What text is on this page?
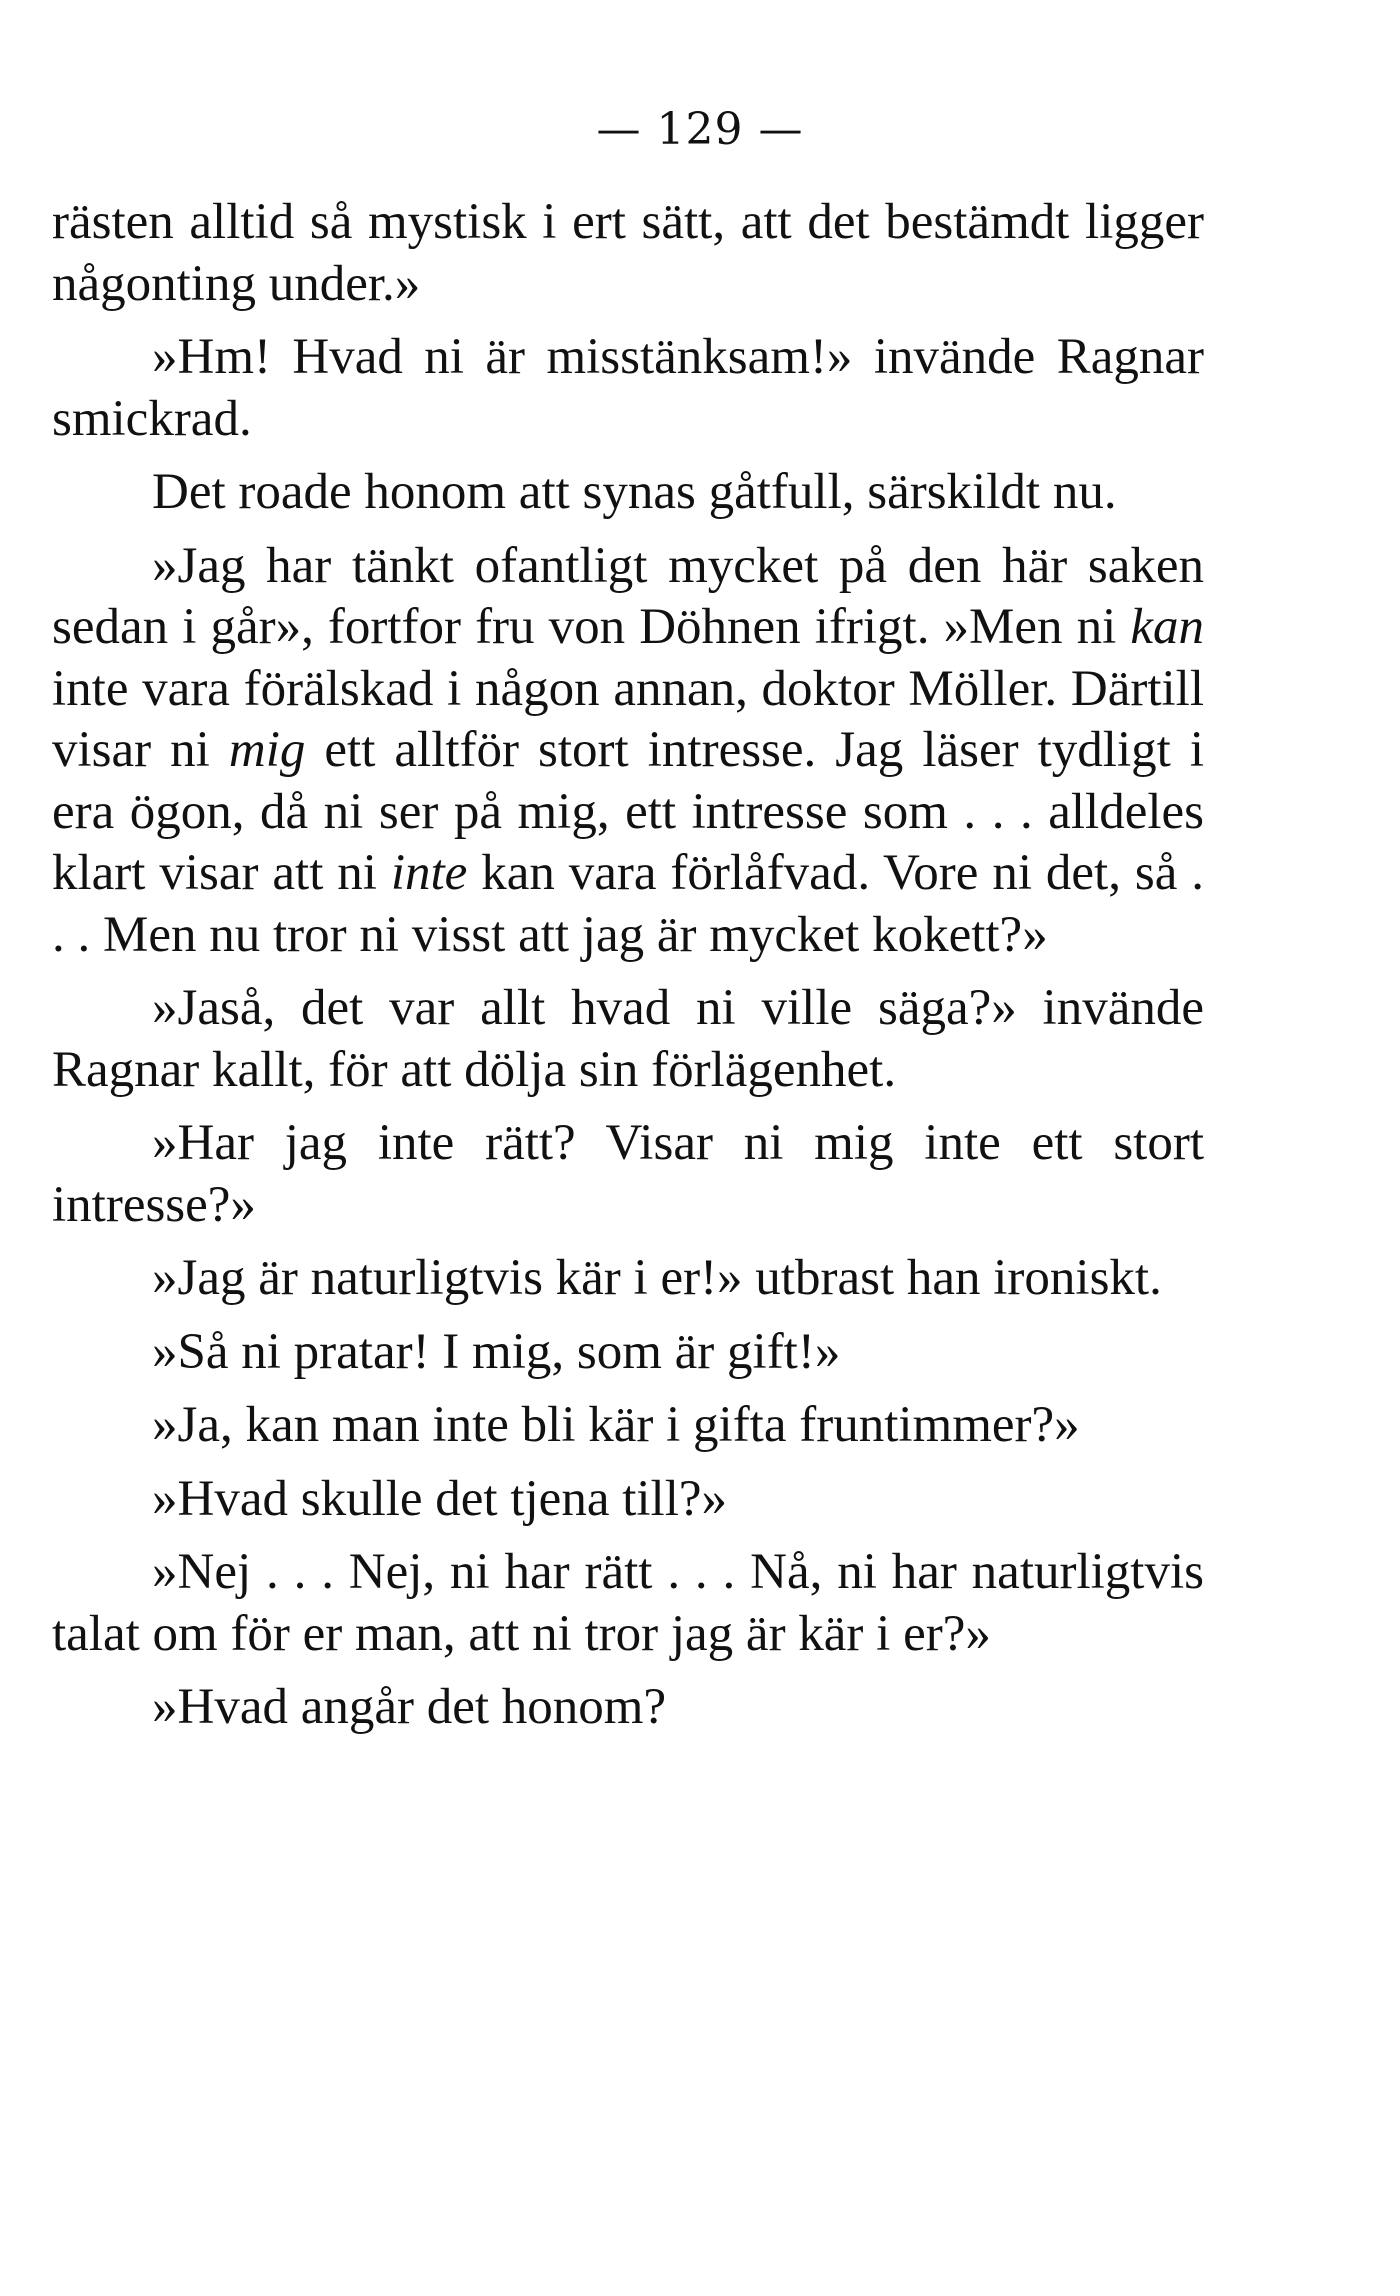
— 129 —

rästen alltid så mystisk i ert sätt, att det bestämdt ligger någonting under.»

»Hm! Hvad ni är misstänksam!» invände Ragnar smickrad.

Det roade honom att synas gåtfull, särskildt nu.

»Jag har tänkt ofantligt mycket på den här saken sedan i går», fortfor fru von Döhnen ifrigt. »Men ni kan inte vara förälskad i någon annan, doktor Möller. Därtill visar ni mig ett alltför stort intresse. Jag läser tydligt i era ögon, då ni ser på mig, ett intresse som . . . alldeles klart visar att ni inte kan vara förlåfvad. Vore ni det, så . . . Men nu tror ni visst att jag är mycket kokett?»

»Jaså, det var allt hvad ni ville säga?» invände Ragnar kallt, för att dölja sin förlägenhet.

»Har jag inte rätt? Visar ni mig inte ett stort intresse?»

»Jag är naturligtvis kär i er!» utbrast han ironiskt.

»Så ni pratar! I mig, som är gift!»

»Ja, kan man inte bli kär i gifta fruntimmer?»

»Hvad skulle det tjena till?»

»Nej . . . Nej, ni har rätt . . . Nå, ni har naturligtvis talat om för er man, att ni tror jag är kär i er?»

»Hvad angår det honom?
